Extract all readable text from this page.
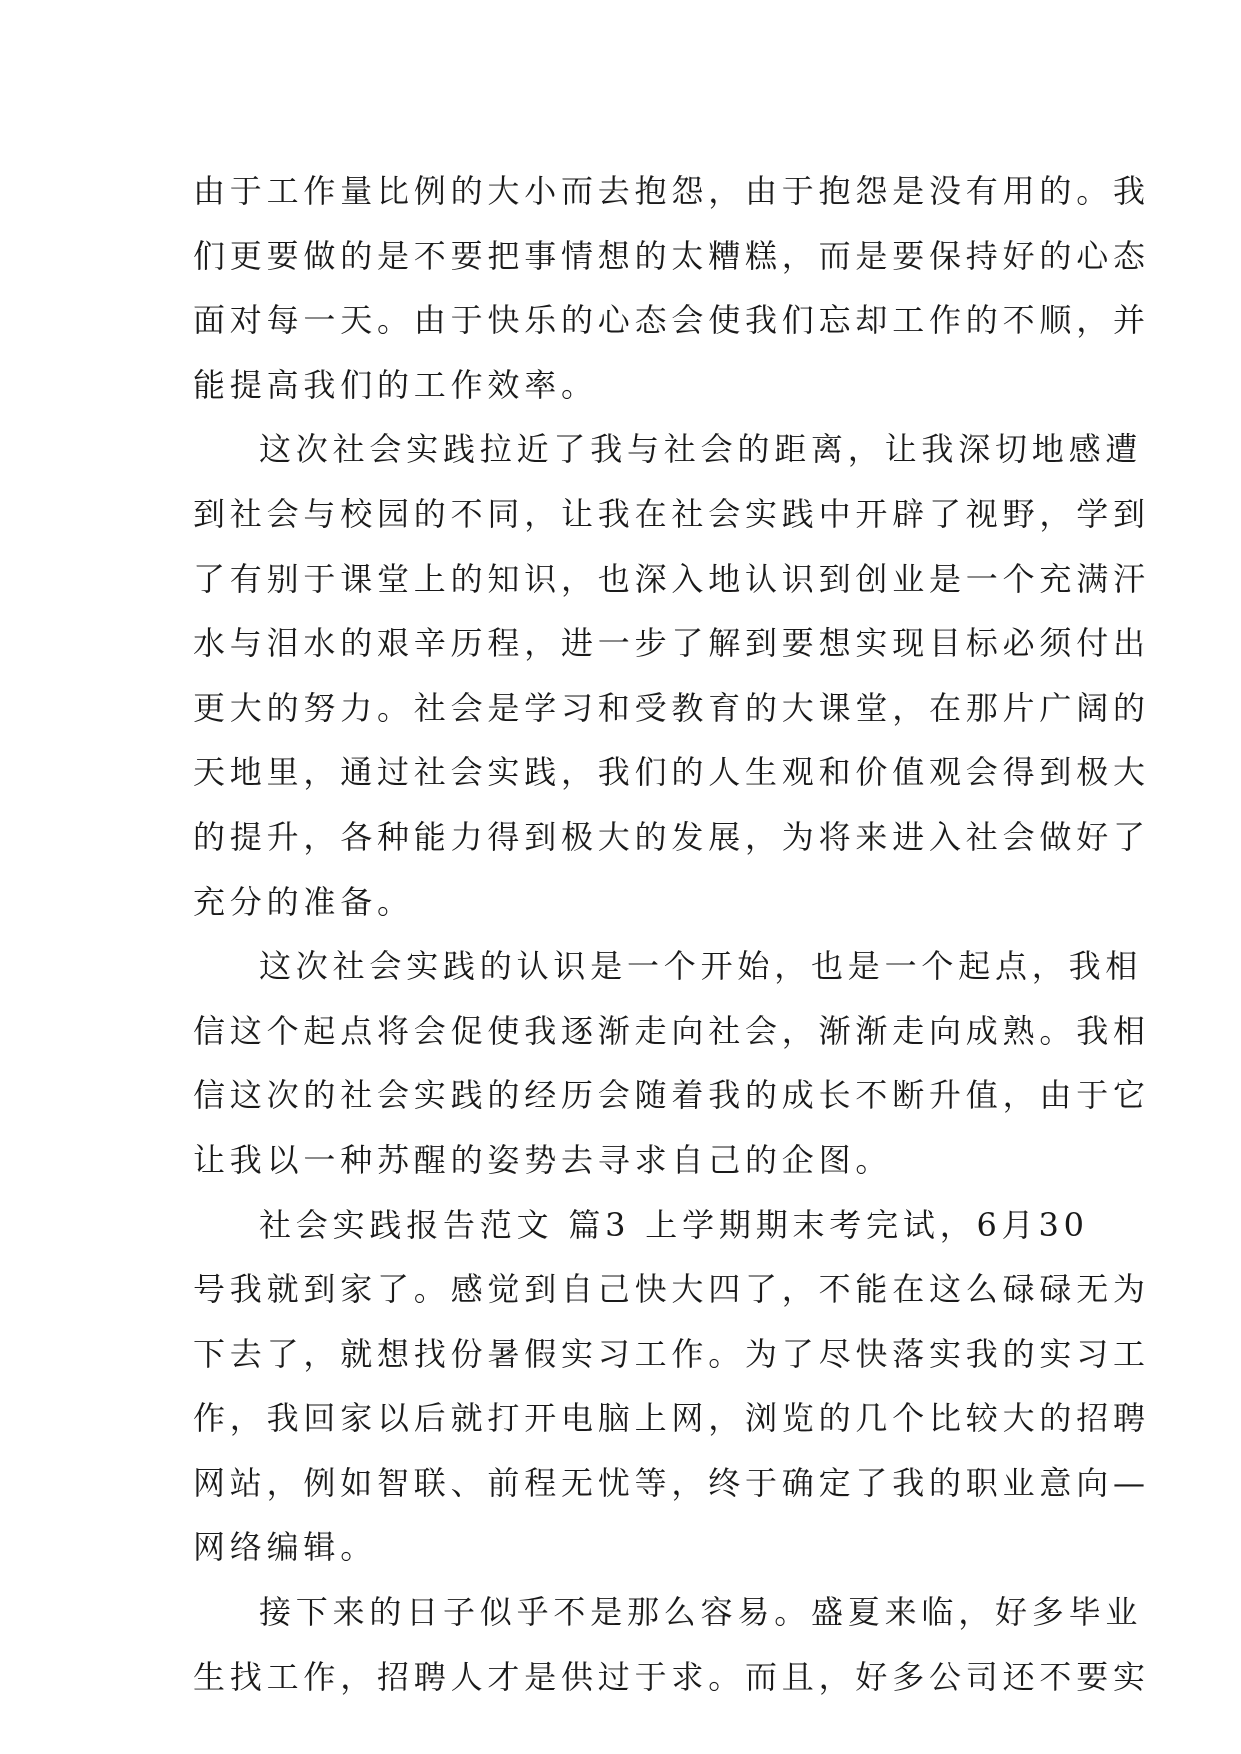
由于工作量比例的大小而去抱怨，由于抱怨是没有用的。我
们更要做的是不要把事情想的太糟糕，而是要保持好的心态
面对每一天。由于快乐的心态会使我们忘却工作的不顺，并
能提高我们的工作效率。
这次社会实践拉近了我与社会的距离，让我深切地感遭
到社会与校园的不同，让我在社会实践中开辟了视野，学到
了有别于课堂上的知识，也深入地认识到创业是一个充满汗
水与泪水的艰辛历程，进一步了解到要想实现目标必须付出
更大的努力。社会是学习和受教育的大课堂，在那片广阔的
天地里，通过社会实践，我们的人生观和价值观会得到极大
的提升，各种能力得到极大的发展，为将来进入社会做好了
充分的准备。
这次社会实践的认识是一个开始，也是一个起点，我相
信这个起点将会促使我逐渐走向社会，渐渐走向成熟。我相
信这次的社会实践的经历会随着我的成长不断升值，由于它
让我以一种苏醒的姿势去寻求自己的企图。
社会实践报告范文 篇3 上学期期末考完试，6月30
号我就到家了。感觉到自己快大四了，不能在这么碌碌无为
下去了，就想找份暑假实习工作。为了尽快落实我的实习工
作，我回家以后就打开电脑上网，浏览的几个比较大的招聘
网站，例如智联、前程无忧等，终于确定了我的职业意向—
网络编辑。
接下来的日子似乎不是那么容易。盛夏来临，好多毕业
生找工作，招聘人才是供过于求。而且，好多公司还不要实
